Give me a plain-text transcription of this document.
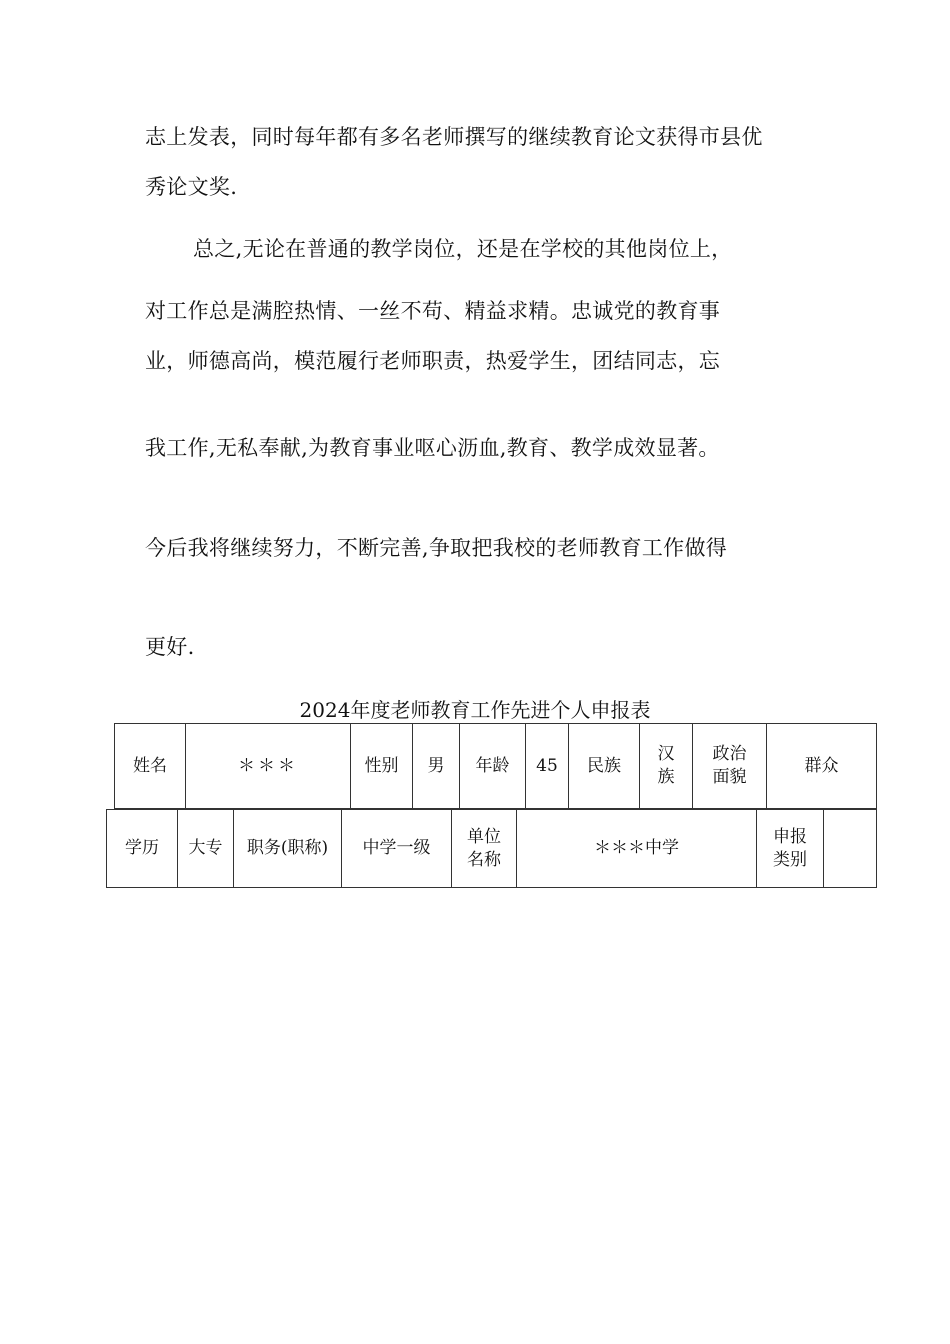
志上发表，同时每年都有多名老师撰写的继续教育论文获得市县优
秀论文奖.
总之,无论在普通的教学岗位，还是在学校的其他岗位上，
对工作总是满腔热情、一丝不苟、精益求精。忠诚党的教育事
业，师德高尚，模范履行老师职责，热爱学生，团结同志，忘
我工作,无私奉献,为教育事业呕心沥血,教育、教学成效显著。
今后我将继续努力，不断完善,争取把我校的老师教育工作做得
更好.
2024年度老师教育工作先进个人申报表
姓名	＊＊＊	性别	男	年龄	45	民族	汉族	政治面貌	群众
学历	大专	职务(职称)	中学一级	单位名称	＊＊＊中学	申报类别	
